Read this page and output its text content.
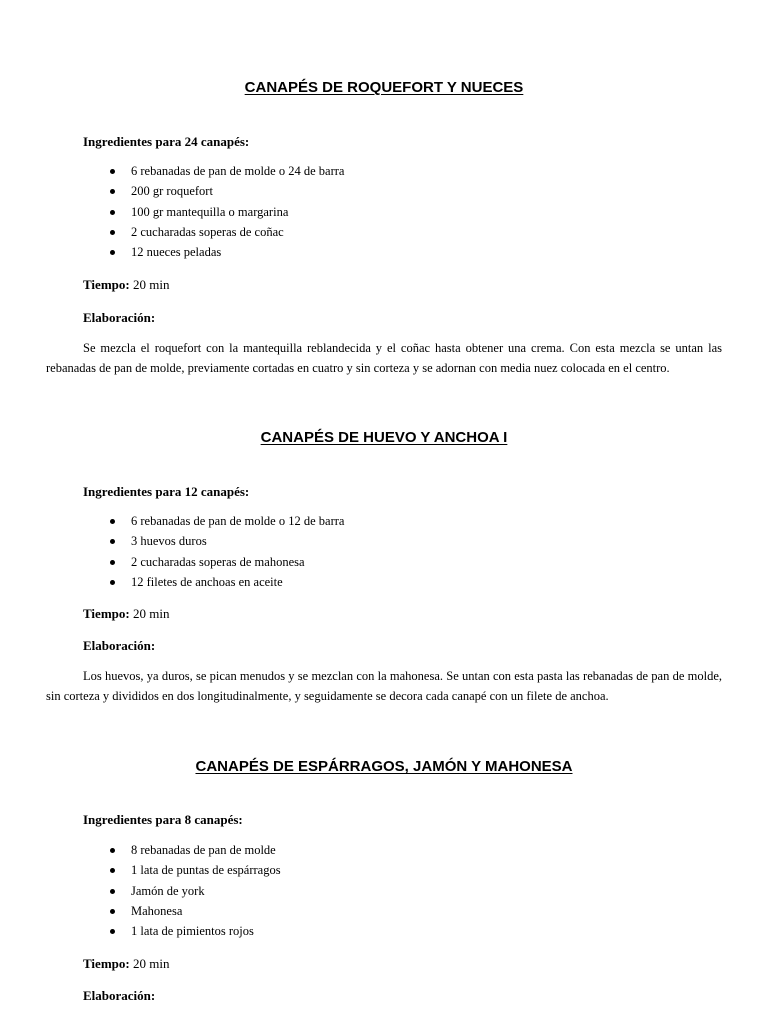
CANAPÉS DE ROQUEFORT Y NUECES

Ingredientes para 24 canapés:

6 rebanadas de pan de molde o 24 de barra
200 gr roquefort
100 gr mantequilla o margarina
2 cucharadas soperas de coñac
12 nueces peladas

Tiempo: 20 min

Elaboración:

Se mezcla el roquefort con la mantequilla reblandecida y el coñac hasta obtener una crema. Con esta mezcla se untan las rebanadas de pan de molde, previamente cortadas en cuatro y sin corteza y se adornan con media nuez colocada en el centro.

CANAPÉS DE HUEVO Y ANCHOA I

Ingredientes para 12 canapés:

6 rebanadas de pan de molde o 12 de barra
3 huevos duros
2 cucharadas soperas de mahonesa
12 filetes de anchoas en aceite

Tiempo: 20 min

Elaboración:

Los huevos, ya duros, se pican menudos y se mezclan con la mahonesa. Se untan con esta pasta las rebanadas de pan de molde, sin corteza y divididos en dos longitudinalmente, y seguidamente se decora cada canapé con un filete de anchoa.

CANAPÉS DE ESPÁRRAGOS, JAMÓN Y MAHONESA

Ingredientes para 8 canapés:

8 rebanadas de pan de molde
1 lata de puntas de espárragos
Jamón de york
Mahonesa
1 lata de pimientos rojos

Tiempo: 20 min

Elaboración:
